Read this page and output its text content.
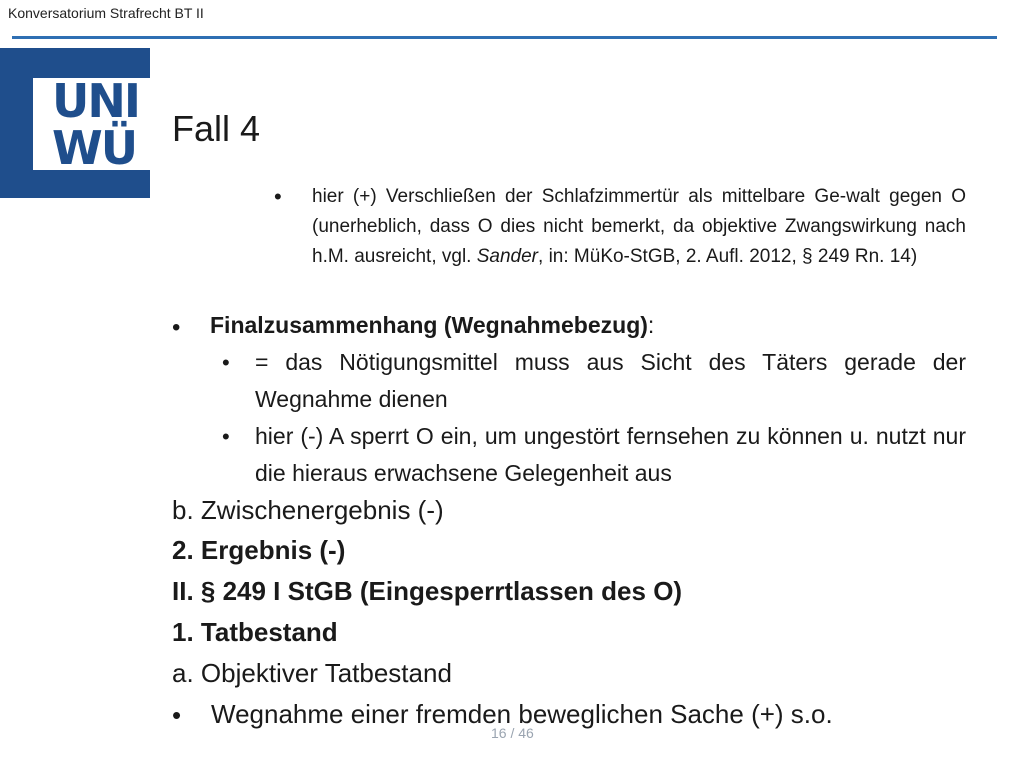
Konversatorium Strafrecht BT II
UNI
WÜ Fall 4
• hier (+) Verschließen der Schlafzimmertür als mittelbare Ge-walt gegen O (unerheblich, dass O dies nicht bemerkt, da objektive Zwangswirkung nach h.M. ausreicht, vgl. Sander, in: MüKo-StGB, 2. Aufl. 2012, § 249 Rn. 14)
• Finalzusammenhang (Wegnahmebezug):
• = das Nötigungsmittel muss aus Sicht des Täters gerade der Wegnahme dienen
• hier (-) A sperrt O ein, um ungestört fernsehen zu können u. nutzt nur die hieraus erwachsene Gelegenheit aus
b. Zwischenergebnis (-)
2. Ergebnis (-)
II. § 249 I StGB (Eingesperrtlassen des O)
1. Tatbestand
a. Objektiver Tatbestand
• Wegnahme einer fremden beweglichen Sache (+) s.o.
16 / 46
